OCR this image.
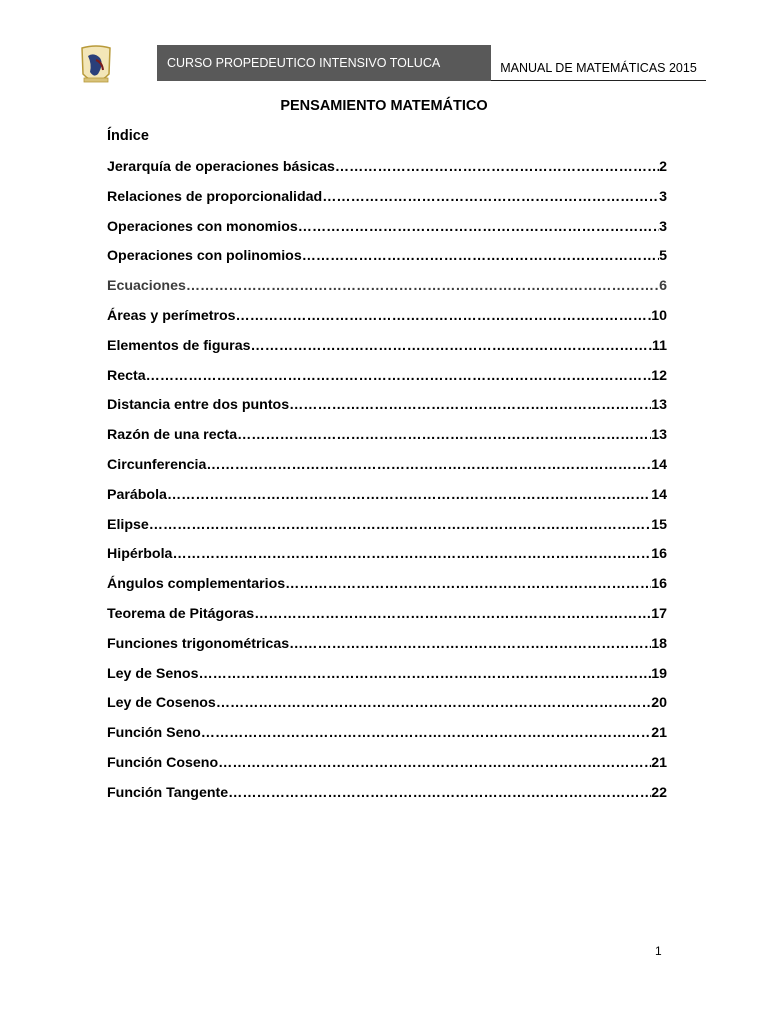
CURSO PROPEDEUTICO INTENSIVO TOLUCA	MANUAL DE MATEMÁTICAS 2015
PENSAMIENTO MATEMÁTICO
Índice
Jerarquía de operaciones básicas ………………………………………………………………………………………………………………………………	2
Relaciones de proporcionalidad ………………………………………………………………………………………………………………………………	3
Operaciones con monomios ………………………………………………………………………………………………………………………………	3
Operaciones con polinomios ………………………………………………………………………………………………………………………………	5
Ecuaciones ………………………………………………………………………………………………………………………………	6
Áreas y perímetros ………………………………………………………………………………………………………………………………	10
Elementos de figuras ………………………………………………………………………………………………………………………………	11
Recta ………………………………………………………………………………………………………………………………	12
Distancia entre dos puntos ………………………………………………………………………………………………………………………………	13
Razón de una recta ………………………………………………………………………………………………………………………………	13
Circunferencia ………………………………………………………………………………………………………………………………	14
Parábola ………………………………………………………………………………………………………………………………	14
Elipse ………………………………………………………………………………………………………………………………	15
Hipérbola ………………………………………………………………………………………………………………………………	16
Ángulos complementarios ………………………………………………………………………………………………………………………………	16
Teorema de Pitágoras ………………………………………………………………………………………………………………………………	17
Funciones trigonométricas ………………………………………………………………………………………………………………………………	18
Ley de Senos ………………………………………………………………………………………………………………………………	19
Ley de Cosenos ………………………………………………………………………………………………………………………………	20
Función Seno ………………………………………………………………………………………………………………………………	21
Función Coseno ………………………………………………………………………………………………………………………………	21
Función Tangente ………………………………………………………………………………………………………………………………	22
1
